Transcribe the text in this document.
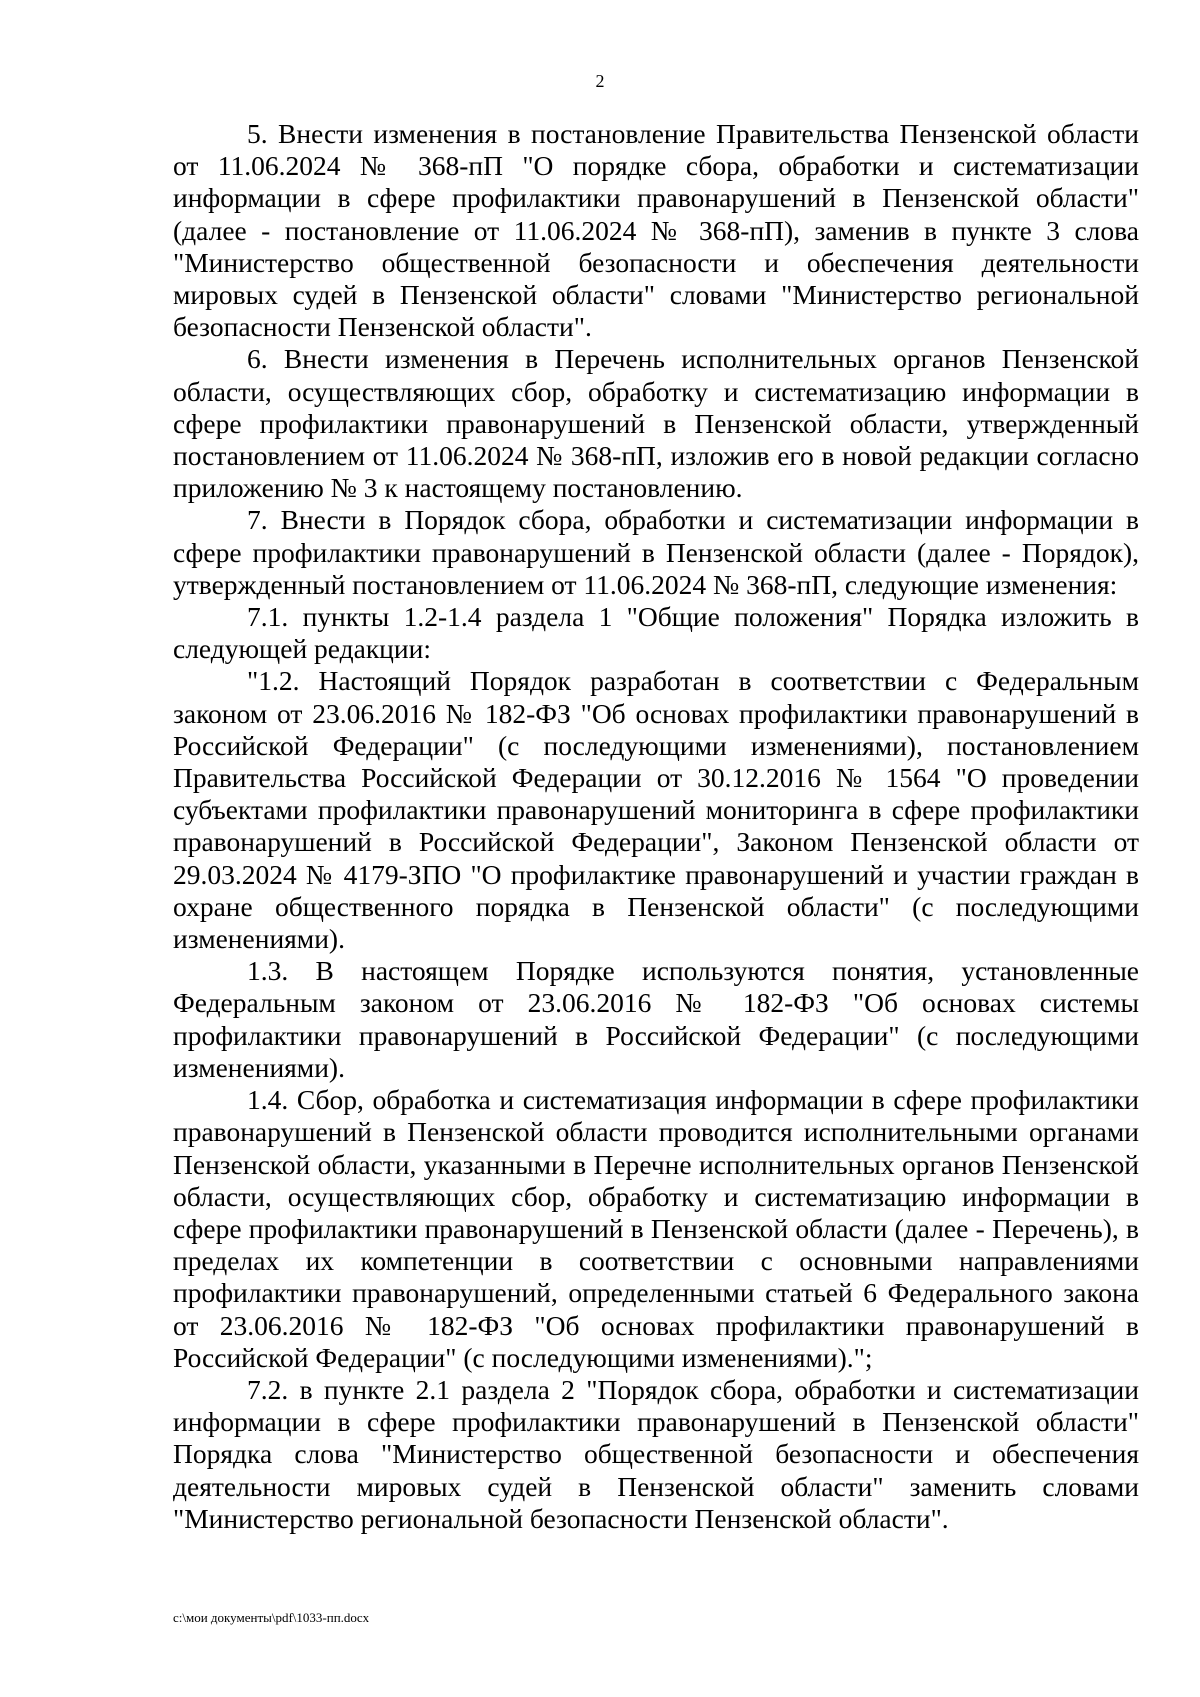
2

5. Внести изменения в постановление Правительства Пензенской области от 11.06.2024 № 368-пП "О порядке сбора, обработки и систематизации информации в сфере профилактики правонарушений в Пензенской области" (далее - постановление от 11.06.2024 № 368-пП), заменив в пункте 3 слова "Министерство общественной безопасности и обеспечения деятельности мировых судей в Пензенской области" словами "Министерство региональной безопасности Пензенской области".

6. Внести изменения в Перечень исполнительных органов Пензенской области, осуществляющих сбор, обработку и систематизацию информации в сфере профилактики правонарушений в Пензенской области, утвержденный постановлением от 11.06.2024 № 368-пП, изложив его в новой редакции согласно приложению № 3 к настоящему постановлению.

7. Внести в Порядок сбора, обработки и систематизации информации в сфере профилактики правонарушений в Пензенской области (далее - Порядок), утвержденный постановлением от 11.06.2024 № 368-пП, следующие изменения:

7.1. пункты 1.2-1.4 раздела 1 "Общие положения" Порядка изложить в следующей редакции:

"1.2. Настоящий Порядок разработан в соответствии с Федеральным законом от 23.06.2016 № 182-ФЗ "Об основах профилактики правонарушений в Российской Федерации" (с последующими изменениями), постановлением Правительства Российской Федерации от 30.12.2016 № 1564 "О проведении субъектами профилактики правонарушений мониторинга в сфере профилактики правонарушений в Российской Федерации", Законом Пензенской области от 29.03.2024 № 4179-ЗПО "О профилактике правонарушений и участии граждан в охране общественного порядка в Пензенской области" (с последующими изменениями).

1.3. В настоящем Порядке используются понятия, установленные Федеральным законом от 23.06.2016 № 182-ФЗ "Об основах системы профилактики правонарушений в Российской Федерации" (с последующими изменениями).

1.4. Сбор, обработка и систематизация информации в сфере профилактики правонарушений в Пензенской области проводится исполнительными органами Пензенской области, указанными в Перечне исполнительных органов Пензенской области, осуществляющих сбор, обработку и систематизацию информации в сфере профилактики правонарушений в Пензенской области (далее - Перечень), в пределах их компетенции в соответствии с основными направлениями профилактики правонарушений, определенными статьей 6 Федерального закона от 23.06.2016 № 182-ФЗ "Об основах профилактики правонарушений в Российской Федерации" (с последующими изменениями).";

7.2. в пункте 2.1 раздела 2 "Порядок сбора, обработки и систематизации информации в сфере профилактики правонарушений в Пензенской области" Порядка слова "Министерство общественной безопасности и обеспечения деятельности мировых судей в Пензенской области" заменить словами "Министерство региональной безопасности Пензенской области".

c:\мои документы\pdf\1033-пп.docx
